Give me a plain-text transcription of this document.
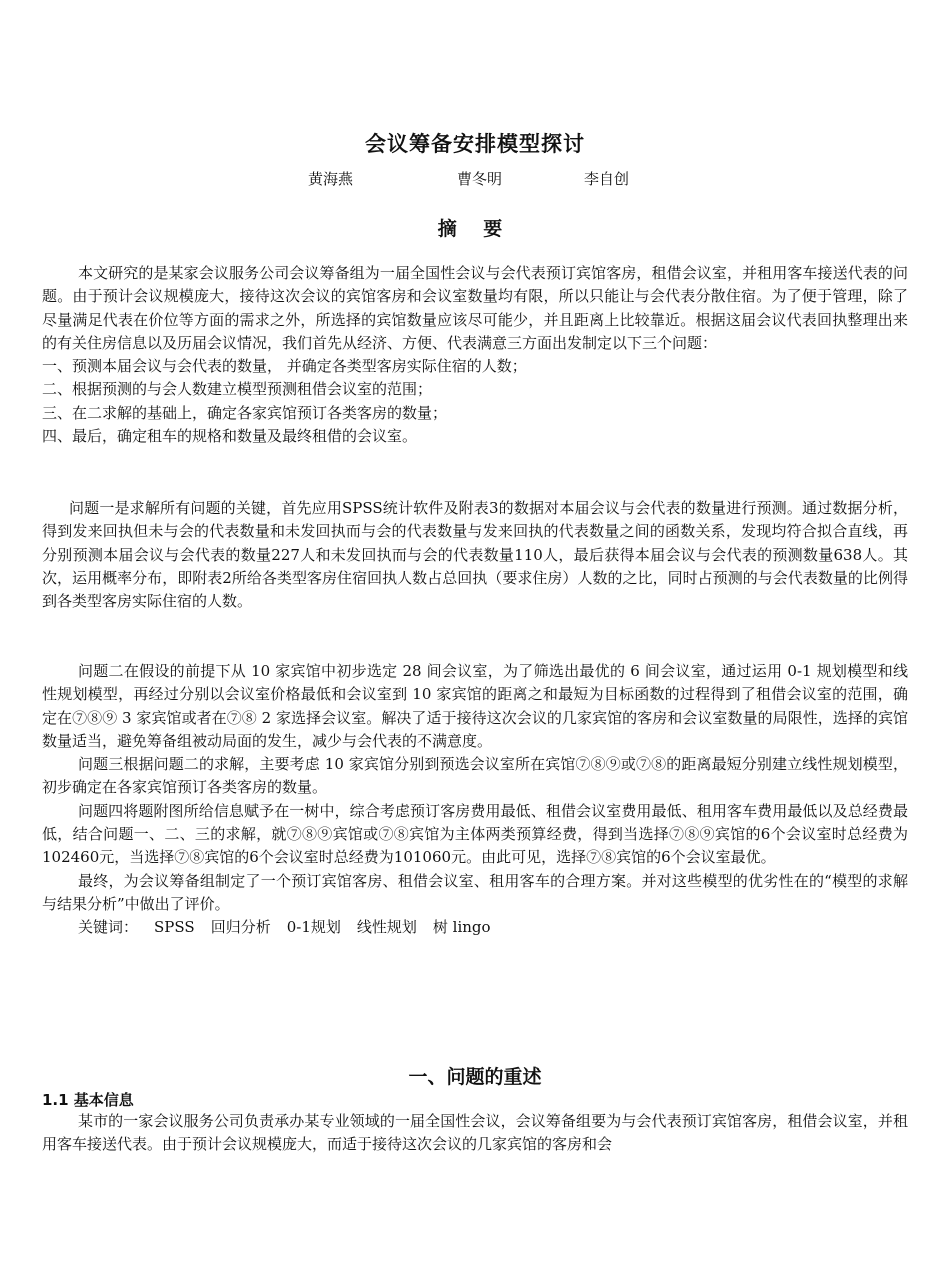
会议筹备安排模型探讨
黄海燕	曹冬明	李自创
摘 要

本文研究的是某家会议服务公司会议筹备组为一届全国性会议与会代表预订宾馆客房，租借会议室，并租用客车接送代表的问题。由于预计会议规模庞大，接待这次会议的宾馆客房和会议室数量均有限，所以只能让与会代表分散住宿。为了便于管理，除了尽量满足代表在价位等方面的需求之外，所选择的宾馆数量应该尽可能少，并且距离上比较靠近。根据这届会议代表回执整理出来的有关住房信息以及历届会议情况，我们首先从经济、方便、代表满意三方面出发制定以下三个问题：

一、预测本届会议与会代表的数量， 并确定各类型客房实际住宿的人数；

二、根据预测的与会人数建立模型预测租借会议室的范围；

三、在二求解的基础上，确定各家宾馆预订各类客房的数量；

四、最后，确定租车的规格和数量及最终租借的会议室。

问题一是求解所有问题的关键，首先应用SPSS统计软件及附表3的数据对本届会议与会代表的数量进行预测。通过数据分析，得到发来回执但未与会的代表数量和未发回执而与会的代表数量与发来回执的代表数量之间的函数关系，发现均符合拟合直线，再分别预测本届会议与会代表的数量227人和未发回执而与会的代表数量110人，最后获得本届会议与会代表的预测数量638人。其次，运用概率分布，即附表2所给各类型客房住宿回执人数占总回执（要求住房）人数的之比，同时占预测的与会代表数量的比例得到各类型客房实际住宿的人数。

问题二在假设的前提下从 10 家宾馆中初步选定 28 间会议室，为了筛选出最优的 6 间会议室，通过运用 0-1 规划模型和线性规划模型，再经过分别以会议室价格最低和会议室到 10 家宾馆的距离之和最短为目标函数的过程得到了租借会议室的范围，确定在⑦⑧⑨ 3 家宾馆或者在⑦⑧ 2 家选择会议室。解决了适于接待这次会议的几家宾馆的客房和会议室数量的局限性，选择的宾馆数量适当，避免筹备组被动局面的发生，减少与会代表的不满意度。

问题三根据问题二的求解，主要考虑 10 家宾馆分别到预选会议室所在宾馆⑦⑧⑨或⑦⑧的距离最短分别建立线性规划模型，初步确定在各家宾馆预订各类客房的数量。

问题四将题附图所给信息赋予在一树中，综合考虑预订客房费用最低、租借会议室费用最低、租用客车费用最低以及总经费最低，结合问题一、二、三的求解，就⑦⑧⑨宾馆或⑦⑧宾馆为主体两类预算经费，得到当选择⑦⑧⑨宾馆的6个会议室时总经费为102460元，当选择⑦⑧宾馆的6个会议室时总经费为101060元。由此可见，选择⑦⑧宾馆的6个会议室最优。

最终，为会议筹备组制定了一个预订宾馆客房、租借会议室、租用客车的合理方案。并对这些模型的优劣性在的“模型的求解与结果分析”中做出了评价。

关键词： SPSS 回归分析 0-1规划 线性规划 树 lingo

一、问题的重述
1.1 基本信息

某市的一家会议服务公司负责承办某专业领域的一届全国性会议，会议筹备组要为与会代表预订宾馆客房，租借会议室，并租用客车接送代表。由于预计会议规模庞大，而适于接待这次会议的几家宾馆的客房和会
